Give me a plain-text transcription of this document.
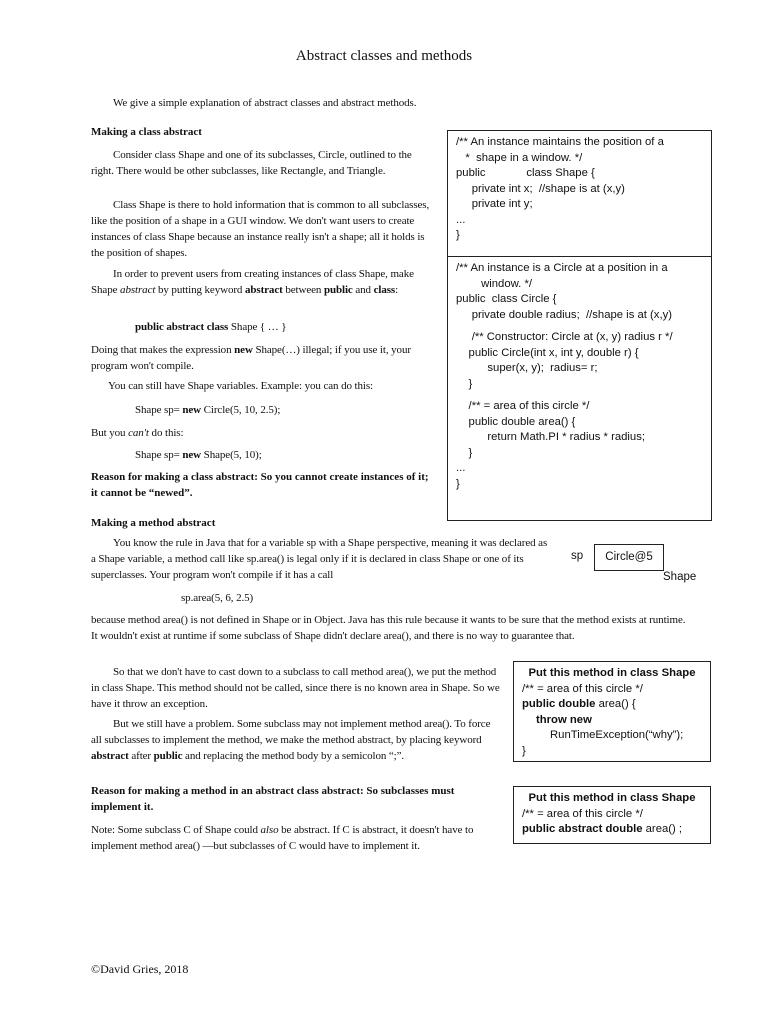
Abstract classes and methods
We give a simple explanation of abstract classes and abstract methods.
Making a class abstract
Consider class Shape and one of its subclasses, Circle, outlined to the right. There would be other subclasses, like Rectangle, and Triangle.
Class Shape is there to hold information that is common to all subclasses, like the position of a shape in a GUI window. We don't want users to create instances of class Shape because an instance really isn't a shape; all it holds is the position of shapes.
In order to prevent users from creating instances of class Shape, make Shape abstract by putting keyword abstract between public and class:
public abstract class Shape { … }
Doing that makes the expression new Shape(…) illegal; if you use it, your program won't compile.
You can still have Shape variables. Example: you can do this:
Shape sp= new Circle(5, 10, 2.5);
But you can't do this:
Shape sp= new Shape(5, 10);
Reason for making a class abstract: So you cannot create instances of it; it cannot be “newed”.
Making a method abstract
You know the rule in Java that for a variable sp with a Shape perspective, meaning it was declared as a Shape variable, a method call like sp.area() is legal only if it is declared in class Shape or one of its superclasses. Your program won't compile if it has a call
sp.area(5, 6, 2.5)
because method area() is not defined in Shape or in Object. Java has this rule because it wants to be sure that the method exists at runtime. It wouldn't exist at runtime if some subclass of Shape didn't declare area(), and there is no way to guarantee that.
So that we don't have to cast down to a subclass to call method area(), we put the method in class Shape. This method should not be called, since there is no known area in Shape. So we have it throw an exception.
But we still have a problem. Some subclass may not implement method area(). To force all subclasses to implement the method, we make the method abstract, by placing keyword abstract after public and replacing the method body by a semicolon “;”.
Reason for making a method in an abstract class abstract: So subclasses must implement it.
Note: Some subclass C of Shape could also be abstract. If C is abstract, it doesn't have to implement method area() —but subclasses of C would have to implement it.
/** An instance maintains the position of a
*  shape in a window. */
public             class Shape {
private int x;  //shape is at (x,y)
private int y;
...
}
/** An instance is a Circle at a position in a
window. */
public  class Circle {
private double radius;  //shape is at (x,y)
/** Constructor: Circle at (x, y) radius r */
public Circle(int x, int y, double r) {
super(x, y);  radius= r;
}
/** = area of this circle */
public double area() {
return Math.PI * radius * radius;
}
...
}
sp	Circle@5
Shape
Put this method in class Shape
/** = area of this circle */
public double area() {
throw new
RunTimeException(“why”);
}
Put this method in class Shape
/** = area of this circle */
public abstract double area() ;
©David Gries, 2018
